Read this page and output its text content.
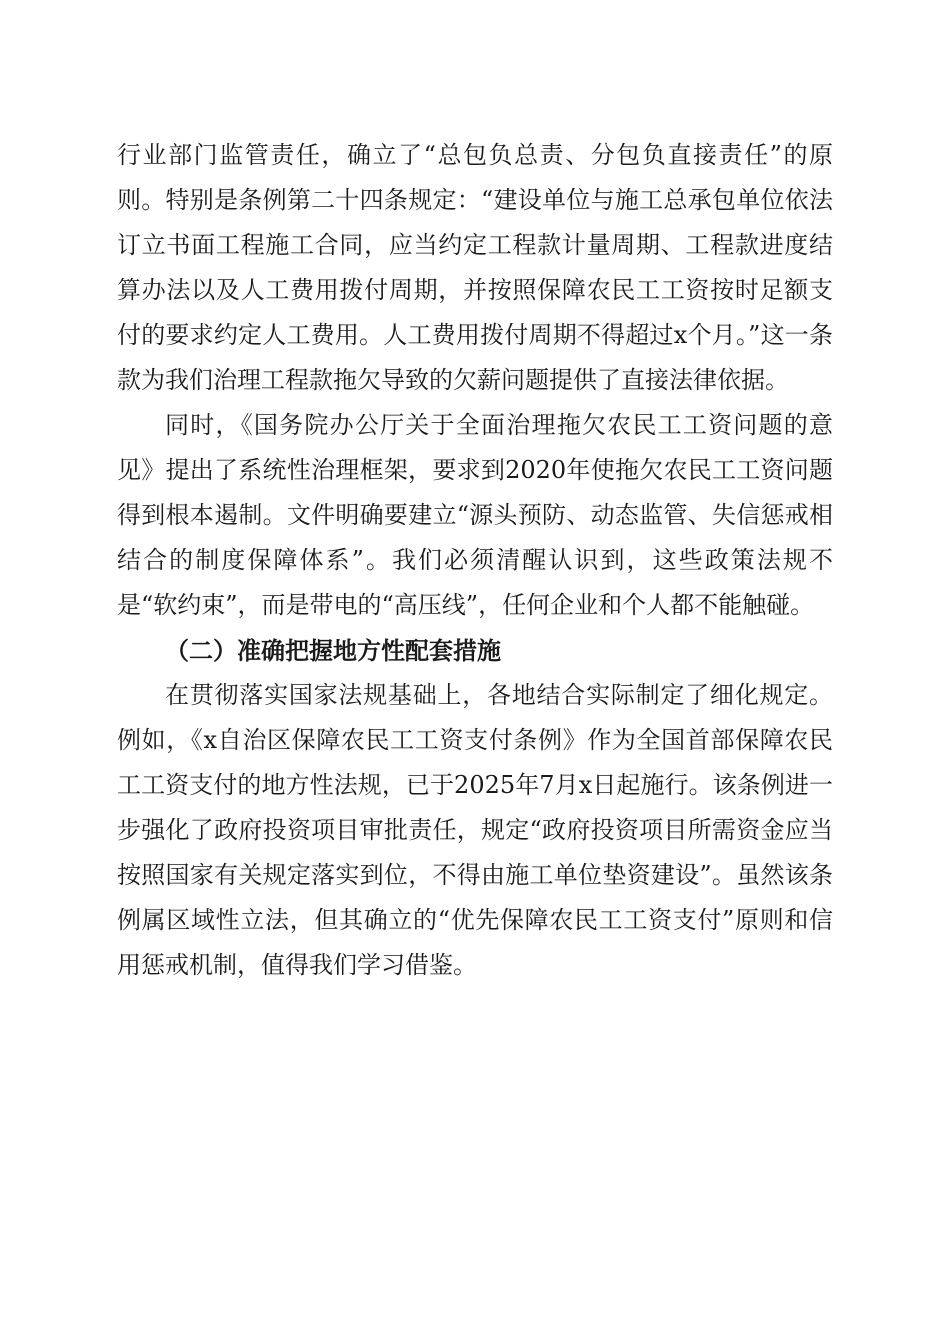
行业部门监管责任，确立了“总包负总责、分包负直接责任”的原则。特别是条例第二十四条规定：“建设单位与施工总承包单位依法订立书面工程施工合同，应当约定工程款计量周期、工程款进度结算办法以及人工费用拨付周期，并按照保障农民工工资按时足额支付的要求约定人工费用。人工费用拨付周期不得超过x个月。”这一条款为我们治理工程款拖欠导致的欠薪问题提供了直接法律依据。

同时，《国务院办公厅关于全面治理拖欠农民工工资问题的意见》提出了系统性治理框架，要求到2020年使拖欠农民工工资问题得到根本遏制。文件明确要建立“源头预防、动态监管、失信惩戒相结合的制度保障体系”。我们必须清醒认识到，这些政策法规不是“软约束”，而是带电的“高压线”，任何企业和个人都不能触碰。

（二）准确把握地方性配套措施

在贯彻落实国家法规基础上，各地结合实际制定了细化规定。例如，《x自治区保障农民工工资支付条例》作为全国首部保障农民工工资支付的地方性法规，已于2025年7月x日起施行。该条例进一步强化了政府投资项目审批责任，规定“政府投资项目所需资金应当按照国家有关规定落实到位，不得由施工单位垫资建设”。虽然该条例属区域性立法，但其确立的“优先保障农民工工资支付”原则和信用惩戒机制，值得我们学习借鉴。
